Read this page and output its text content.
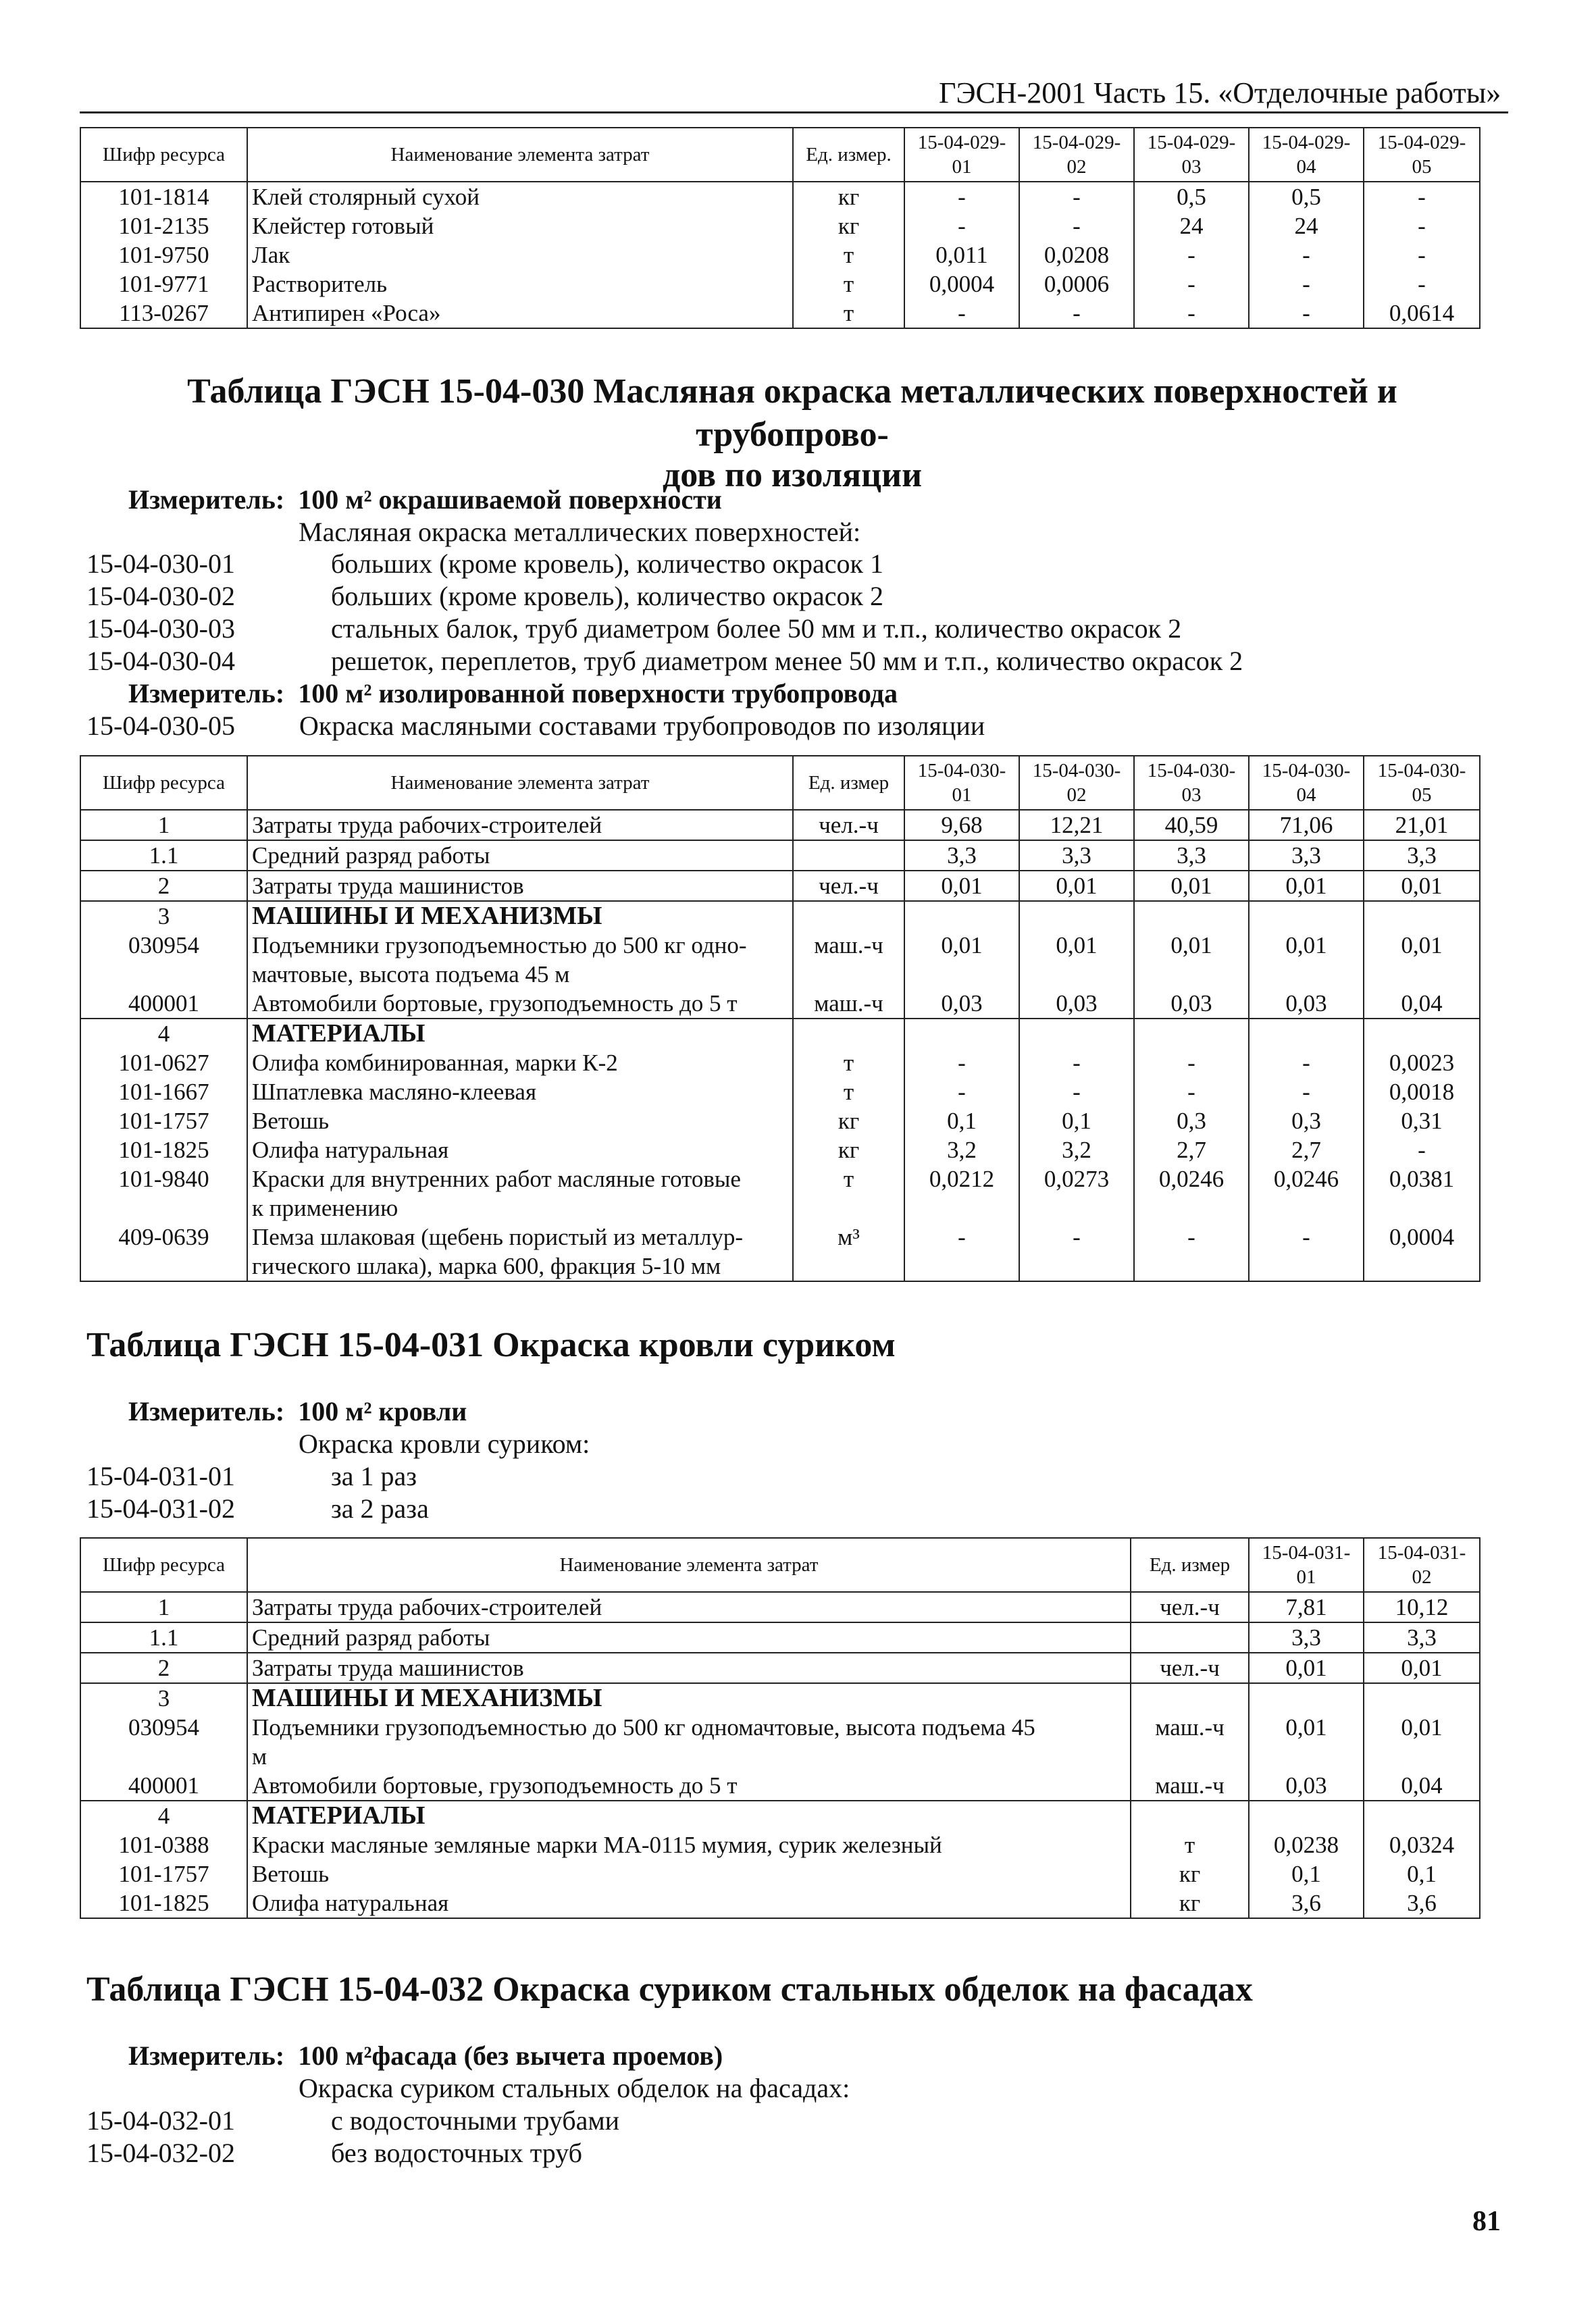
ГЭСН-2001 Часть 15. «Отделочные работы»
Шифр ресурса	Наименование элемента затрат	Ед. измер.	15-04-029-01	15-04-029-02	15-04-029-03	15-04-029-04	15-04-029-05
101-1814	Клей столярный сухой	кг	-	-	0,5	0,5	-
101-2135	Клейстер готовый	кг	-	-	24	24	-
101-9750	Лак	т	0,011	0,0208	-	-	-
101-9771	Растворитель	т	0,0004	0,0006	-	-	-
113-0267	Антипирен «Роса»	т	-	-	-	-	0,0614
Таблица ГЭСН 15-04-030 Масляная окраска металлических поверхностей и трубопрово-
дов по изоляции
Измеритель: 100 м² окрашиваемой поверхности
Масляная окраска металлических поверхностей:
15-04-030-01	больших (кроме кровель), количество окрасок 1
15-04-030-02	больших (кроме кровель), количество окрасок 2
15-04-030-03	стальных балок, труб диаметром более 50 мм и т.п., количество окрасок 2
15-04-030-04	решеток, переплетов, труб диаметром менее 50 мм и т.п., количество окрасок 2
Измеритель: 100 м² изолированной поверхности трубопровода
15-04-030-05 Окраска масляными составами трубопроводов по изоляции
Шифр ресурса	Наименование элемента затрат	Ед. измер	15-04-030-01	15-04-030-02	15-04-030-03	15-04-030-04	15-04-030-05
1	Затраты труда рабочих-строителей	чел.-ч	9,68	12,21	40,59	71,06	21,01
1.1	Средний разряд работы		3,3	3,3	3,3	3,3	3,3
2	Затраты труда машинистов	чел.-ч	0,01	0,01	0,01	0,01	0,01
3	МАШИНЫ И МЕХАНИЗМЫ						

030954	Подъемники грузоподъемностью до 500 кг одно-
мачтовые, высота подъема 45 м	маш.-ч	0,01	0,01	0,01	0,01	0,01
400001	Автомобили бортовые, грузоподъемность до 5 т	маш.-ч	0,03	0,03	0,03	0,03	0,04
4	МАТЕРИАЛЫ						

101-0627	Олифа комбинированная, марки К-2	т	-	-	-	-	0,0023
101-1667	Шпатлевка масляно-клеевая	т	-	-	-	-	0,0018
101-1757	Ветошь	кг	0,1	0,1	0,3	0,3	0,31
101-1825	Олифа натуральная	кг	3,2	3,2	2,7	2,7	-
101-9840	Краски для внутренних работ масляные готовые
к применению	т	0,0212	0,0273	0,0246	0,0246	0,0381
409-0639	Пемза шлаковая (щебень пористый из металлур-
гического шлака), марка 600, фракция 5-10 мм	м³	-	-	-	-	0,0004
Таблица ГЭСН 15-04-031 Окраска кровли суриком
Измеритель: 100 м² кровли
Окраска кровли суриком:
15-04-031-01	за 1 раз
15-04-031-02	за 2 раза
Шифр ресурса	Наименование элемента затрат	Ед. измер	15-04-031-01	15-04-031-02
1	Затраты труда рабочих-строителей	чел.-ч	7,81	10,12
1.1	Средний разряд работы		3,3	3,3
2	Затраты труда машинистов	чел.-ч	0,01	0,01
3	МАШИНЫ И МЕХАНИЗМЫ			

030954	Подъемники грузоподъемностью до 500 кг одномачтовые, высота подъема 45
м	маш.-ч	0,01	0,01
400001	Автомобили бортовые, грузоподъемность до 5 т	маш.-ч	0,03	0,04
4	МАТЕРИАЛЫ			

101-0388	Краски масляные земляные марки МА-0115 мумия, сурик железный	т	0,0238	0,0324
101-1757	Ветошь	кг	0,1	0,1
101-1825	Олифа натуральная	кг	3,6	3,6
Таблица ГЭСН 15-04-032 Окраска суриком стальных обделок на фасадах
Измеритель: 100 м²фасада (без вычета проемов)
Окраска суриком стальных обделок на фасадах:
15-04-032-01	с водосточными трубами
15-04-032-02	без водосточных труб
81
